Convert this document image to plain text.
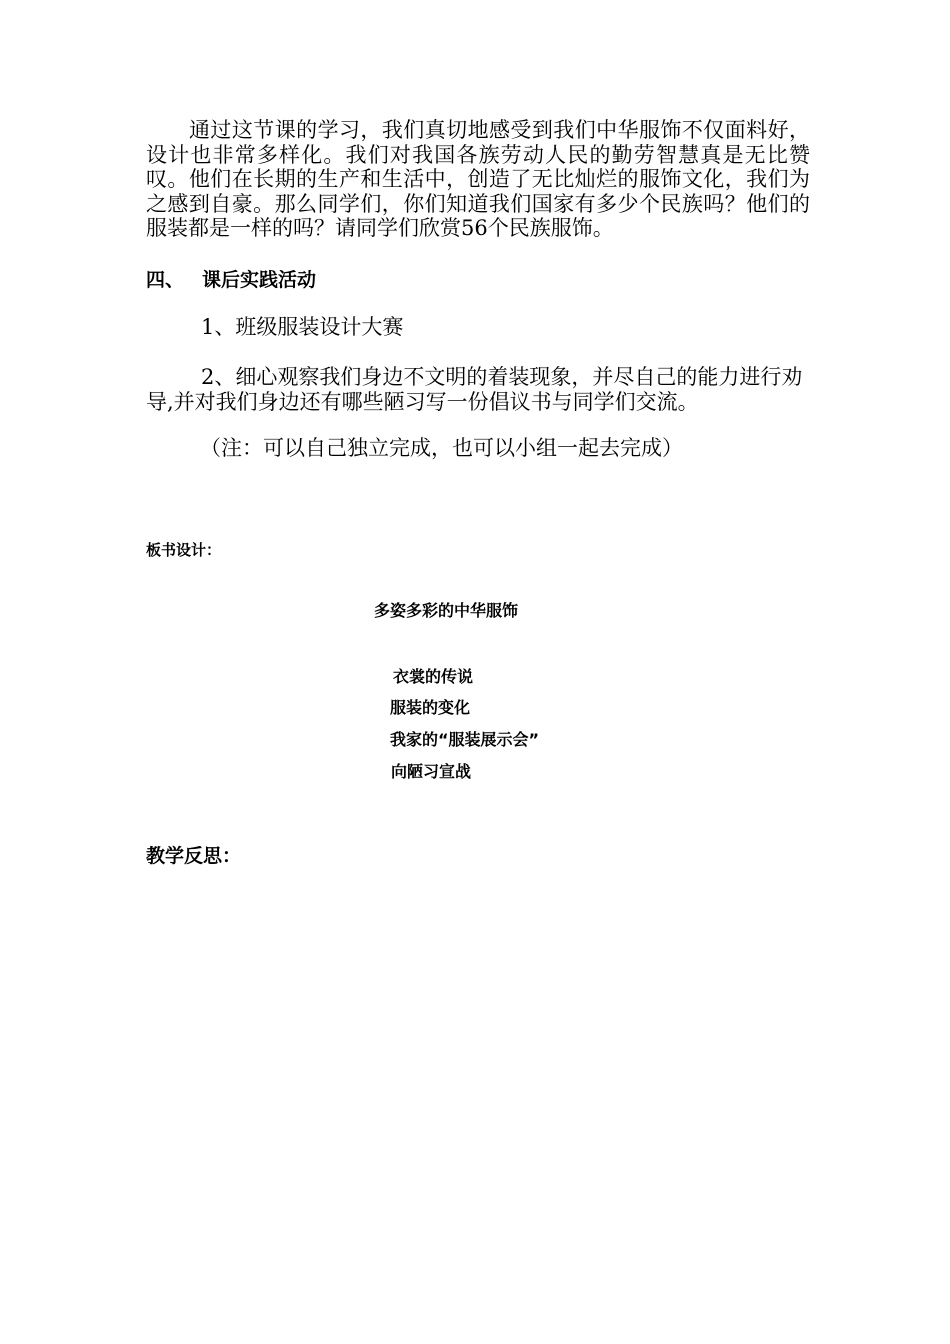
通过这节课的学习，我们真切地感受到我们中华服饰不仅面料好，设计也非常多样化。我们对我国各族劳动人民的勤劳智慧真是无比赞叹。他们在长期的生产和生活中，创造了无比灿烂的服饰文化，我们为之感到自豪。那么同学们，你们知道我们国家有多少个民族吗？他们的服装都是一样的吗？请同学们欣赏56个民族服饰。

四、 课后实践活动

1、班级服装设计大赛

2、细心观察我们身边不文明的着装现象，并尽自己的能力进行劝导,并对我们身边还有哪些陋习写一份倡议书与同学们交流。

（注：可以自己独立完成，也可以小组一起去完成）

板书设计：

多姿多彩的中华服饰

衣裳的传说

服装的变化

我家的“服装展示会”

向陋习宣战

教学反思：
